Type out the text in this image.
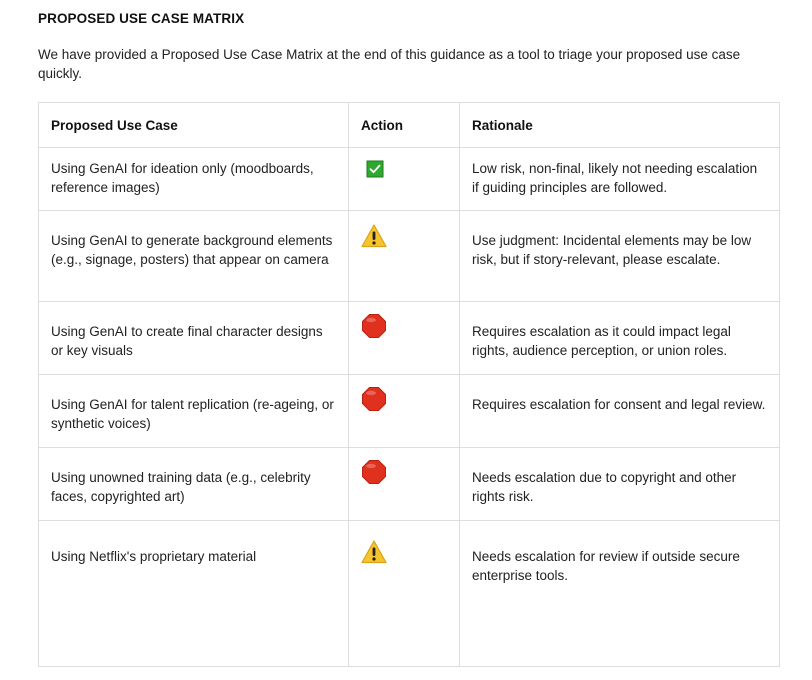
PROPOSED USE CASE MATRIX

We have provided a Proposed Use Case Matrix at the end of this guidance as a tool to triage your proposed use case quickly.

Proposed Use Case	Action	Rationale

Using GenAI for ideation only (moodboards, reference images)		Low risk, non-final, likely not needing escalation if guiding principles are followed.

Using GenAI to generate background elements (e.g., signage, posters) that appear on camera		Use judgment: Incidental elements may be low risk, but if story-relevant, please escalate.

Using GenAI to create final character designs or key visuals		Requires escalation as it could impact legal rights, audience perception, or union roles.

Using GenAI for talent replication (re-ageing, or synthetic voices)		Requires escalation for consent and legal review.

Using unowned training data (e.g., celebrity faces, copyrighted art)		Needs escalation due to copyright and other rights risk.

Using Netflix's proprietary material		Needs escalation for review if outside secure enterprise tools.
